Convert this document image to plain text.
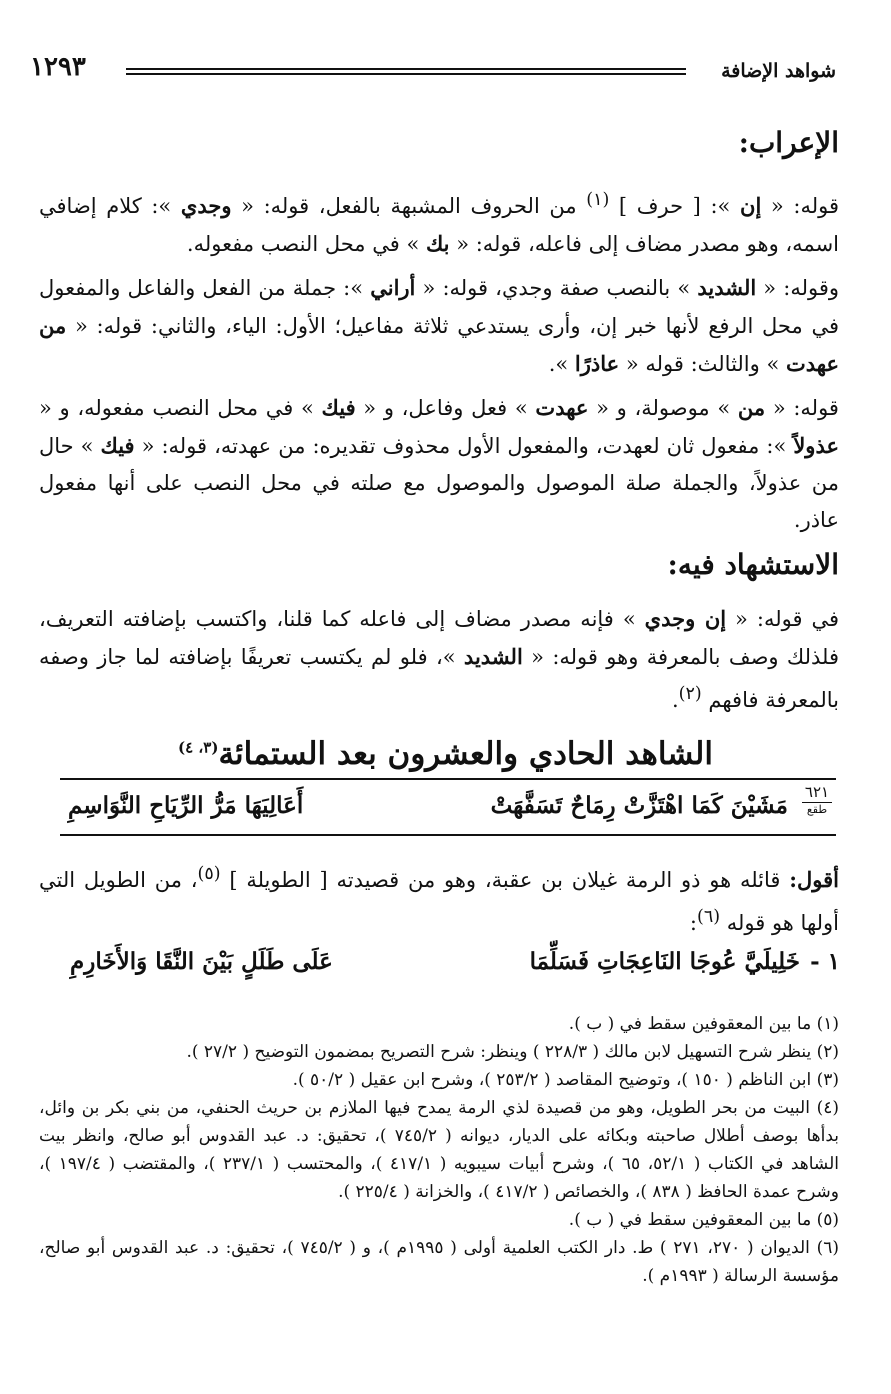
شواهد الإضافة
١٢٩٣
الإعراب:

قوله: « إن »: [ حرف ] $^{(١)}$ من الحروف المشبهة بالفعل، قوله: « وجدي »: كلام إضافي اسمه، وهو مصدر مضاف إلى فاعله، قوله: « بك » في محل النصب مفعوله.

وقوله: « الشديد » بالنصب صفة وجدي، قوله: « أراني »: جملة من الفعل والفاعل والمفعول في محل الرفع لأنها خبر إن، وأرى يستدعي ثلاثة مفاعيل؛ الأول: الياء، والثاني: قوله: « من عهدت » والثالث: قوله « عاذرًا ».

قوله: « من » موصولة، و « عهدت » فعل وفاعل، و « فيك » في محل النصب مفعوله، و « عذولاً »: مفعول ثان لعهدت، والمفعول الأول محذوف تقديره: من عهدته، قوله: « فيك » حال من عذولاً، والجملة صلة الموصول والموصول مع صلته في محل النصب على أنها مفعول عاذر.

الاستشهاد فيه:

في قوله: « إن وجدي » فإنه مصدر مضاف إلى فاعله كما قلنا، واكتسب بإضافته التعريف، فلذلك وصف بالمعرفة وهو قوله: « الشديد »، فلو لم يكتسب تعريفًا بإضافته لما جاز وصفه بالمعرفة فافهم $^{(٢)}$.

الشاهد الحادي والعشرون بعد الستمائة$^{(٣، ٤)}$
٦٢١
طقع
مَشَيْنَ كَمَا اهْتَزَّتْ رِمَاحٌ تَسَفَّهَتْ
أَعَالِيَهَا مَرُّ الرِّيَاحِ النَّوَاسِمِ

أقول: قائله هو ذو الرمة غيلان بن عقبة، وهو من قصيدته [ الطويلة ] $^{(٥)}$، من الطويل التي أولها هو قوله $^{(٦)}$:

١ -
خَلِيلَيَّ عُوجَا النَاعِجَاتِ فَسَلِّمَا
عَلَى طَلَلٍ بَيْنَ النَّقَا وَالأَخَارِمِ

(١) ما بين المعقوفين سقط في ( ب ).

(٢) ينظر شرح التسهيل لابن مالك ( ٢٢٨/٣ ) وينظر: شرح التصريح بمضمون التوضيح ( ٢٧/٢ ).

(٣) ابن الناظم ( ١٥٠ )، وتوضيح المقاصد ( ٢٥٣/٢ )، وشرح ابن عقيل ( ٥٠/٢ ).

(٤) البيت من بحر الطويل، وهو من قصيدة لذي الرمة يمدح فيها الملازم بن حريث الحنفي، من بني بكر بن وائل، بدأها بوصف أطلال صاحبته وبكائه على الديار، ديوانه ( ٧٤٥/٢ )، تحقيق: د. عبد القدوس أبو صالح، وانظر بيت الشاهد في الكتاب ( ٥٢/١، ٦٥ )، وشرح أبيات سيبويه ( ٤١٧/١ )، والمحتسب ( ٢٣٧/١ )، والمقتضب ( ١٩٧/٤ )، وشرح عمدة الحافظ ( ٨٣٨ )، والخصائص ( ٤١٧/٢ )، والخزانة ( ٢٢٥/٤ ).

(٥) ما بين المعقوفين سقط في ( ب ).

(٦) الديوان ( ٢٧٠، ٢٧١ ) ط. دار الكتب العلمية أولى ( ١٩٩٥م )، و ( ٧٤٥/٢ )، تحقيق: د. عبد القدوس أبو صالح، مؤسسة الرسالة ( ١٩٩٣م ).
